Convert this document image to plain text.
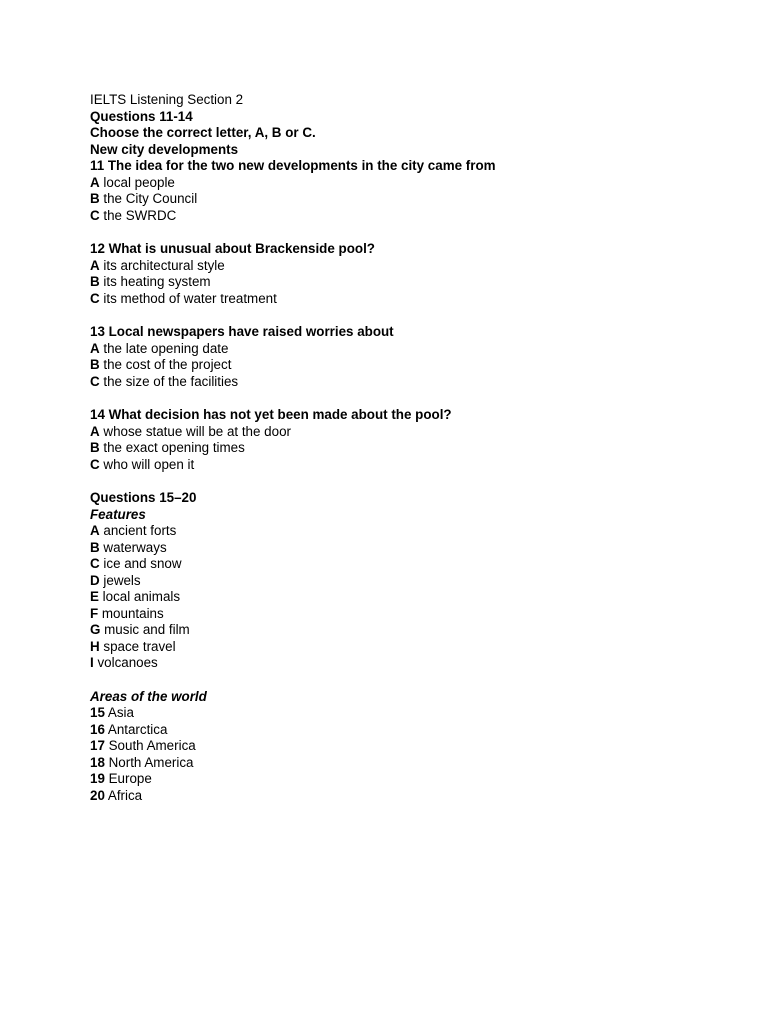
IELTS Listening Section 2
Questions 11-14
Choose the correct letter, A, B or C.
New city developments
11 The idea for the two new developments in the city came from
A local people
B the City Council
C the SWRDC
12 What is unusual about Brackenside pool?
A its architectural style
B its heating system
C its method of water treatment
13 Local newspapers have raised worries about
A the late opening date
B the cost of the project
C the size of the facilities
14 What decision has not yet been made about the pool?
A whose statue will be at the door
B the exact opening times
C who will open it
Questions 15–20
Features
A ancient forts
B waterways
C ice and snow
D jewels
E local animals
F mountains
G music and film
H space travel
I volcanoes
Areas of the world
15 Asia
16 Antarctica
17 South America
18 North America
19 Europe
20 Africa
